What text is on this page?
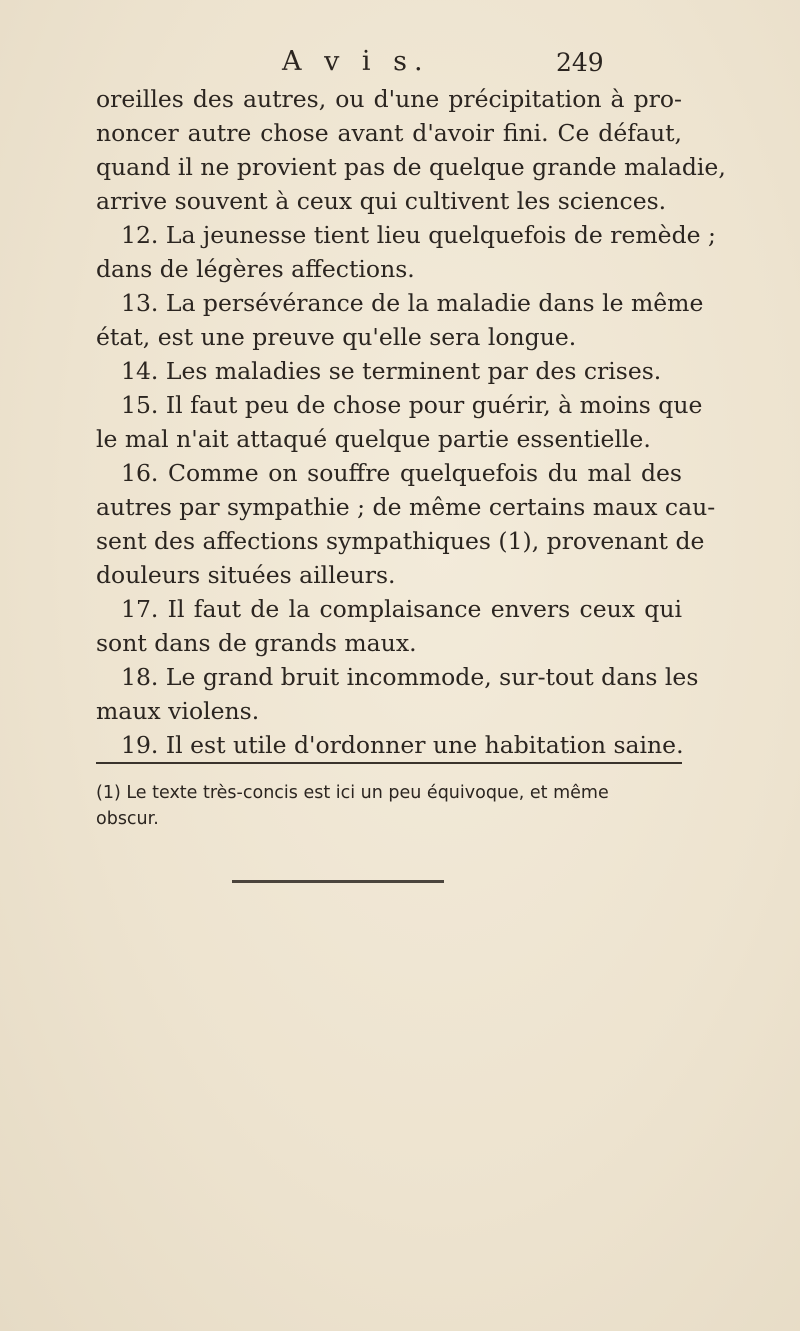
A v i s.	249
oreilles des autres, ou d'une précipitation à pro-
noncer autre chose avant d'avoir fini. Ce défaut,
quand il ne provient pas de quelque grande maladie,
arrive souvent à ceux qui cultivent les sciences.
12. La jeunesse tient lieu quelquefois de remède ;
dans de légères affections.
13. La persévérance de la maladie dans le même
état, est une preuve qu'elle sera longue.
14. Les maladies se terminent par des crises.
15. Il faut peu de chose pour guérir, à moins que
le mal n'ait attaqué quelque partie essentielle.
16. Comme on souffre quelquefois du mal des
autres par sympathie ; de même certains maux cau-
sent des affections sympathiques (1), provenant de
douleurs situées ailleurs.
17. Il faut de la complaisance envers ceux qui
sont dans de grands maux.
18. Le grand bruit incommode, sur-tout dans les
maux violens.
19. Il est utile d'ordonner une habitation saine.
(1) Le texte très-concis est ici un peu équivoque, et même
obscur.
